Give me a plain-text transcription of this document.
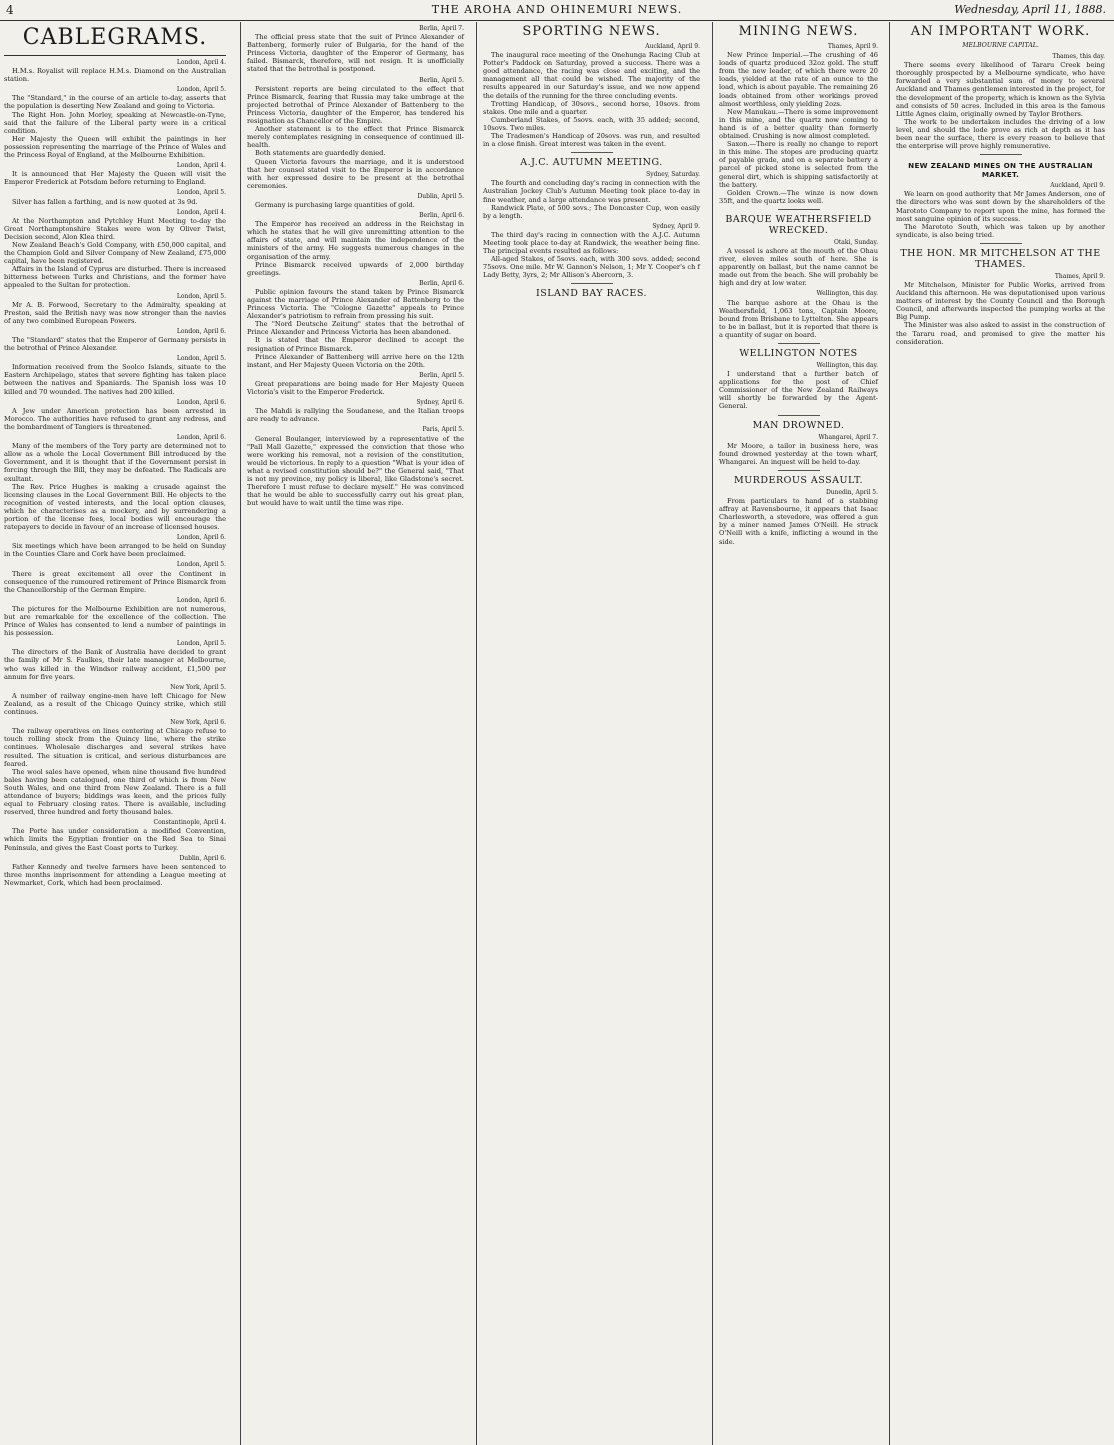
4	THE AROHA AND OHINEMURI NEWS.	Wednesday, April 11, 1888.
CABLEGRAMS.
London, April 4.

H.M.s. Royalist will replace H.M.s. Diamond on the Australian station.

London, April 5.

The "Standard," in the course of an article to-day, asserts that the population is deserting New Zealand and going to Victoria.

The Right Hon. John Morley, speaking at Newcastle-on-Tyne, said that the failure of the Liberal party were in a critical condition.

Her Majesty the Queen will exhibit the paintings in her possession representing the marriage of the Prince of Wales and the Princess Royal of England, at the Melbourne Exhibition.

London, April 4.

It is announced that Her Majesty the Queen will visit the Emperor Frederick at Potsdam before returning to England.

London, April 5.

Silver has fallen a farthing, and is now quoted at 3s 9d.

London, April 4.

At the Northampton and Pytchley Hunt Meeting to-day the Great Northamptonshire Stakes were won by Oliver Twist, Decision second, Alon Klea third.

New Zealand Beach's Gold Company, with £50,000 capital, and the Champion Gold and Silver Company of New Zealand, £75,000 capital, have been registered.

Affairs in the Island of Cyprus are disturbed. There is increased bitterness between Turks and Christians, and the former have appealed to the Sultan for protection.

London, April 5.

Mr A. B. Forwood, Secretary to the Admiralty, speaking at Preston, said the British navy was now stronger than the navies of any two combined European Powers.

London, April 6.

The "Standard" states that the Emperor of Germany persists in the betrothal of Prince Alexander.

London, April 5.

Information received from the Soolco Islands, situate to the Eastern Archipelago, states that severe fighting has taken place between the natives and Spaniards. The Spanish loss was 10 killed and 70 wounded. The natives had 200 killed.

London, April 6.

A Jew under American protection has been arrested in Morocco. The authorities have refused to grant any redress, and the bombardment of Tangiers is threatened.

London, April 6.

Many of the members of the Tory party are determined not to allow as a whole the Local Government Bill introduced by the Government, and it is thought that if the Government persist in forcing through the Bill, they may be defeated. The Radicals are exultant.

The Rev. Price Hughes is making a crusade against the licensing clauses in the Local Government Bill. He objects to the recognition of vested interests, and the local option clauses, which he characterises as a mockery, and by surrendering a portion of the license fees, local bodies will encourage the ratepayers to decide in favour of an increase of licensed houses.

London, April 6.

Six meetings which have been arranged to be held on Sunday in the Counties Clare and Cork have been proclaimed.

London, April 5.

There is great excitement all over the Continent in consequence of the rumoured retirement of Prince Bismarck from the Chancellorship of the German Empire.

London, April 6.

The pictures for the Melbourne Exhibition are not numerous, but are remarkable for the excellence of the collection. The Prince of Wales has consented to lend a number of paintings in his possession.

London, April 5.

The directors of the Bank of Australia have decided to grant the family of Mr S. Faulkes, their late manager at Melbourne, who was killed in the Windsor railway accident, £1,500 per annum for five years.

New York, April 5.

A number of railway engine-men have left Chicago for New Zealand, as a result of the Chicago Quincy strike, which still continues.

New York, April 6.

The railway operatives on lines centering at Chicago refuse to touch rolling stock from the Quincy line, where the strike continues. Wholesale discharges and several strikes have resulted. The situation is critical, and serious disturbances are feared.

The wool sales have opened, when nine thousand five hundred bales having been catalogued, one third of which is from New South Wales, and one third from New Zealand. There is a full attendance of buyers; biddings was keen, and the prices fully equal to February closing rates. There is available, including reserved, three hundred and forty thousand bales.

Constantinople, April 4.

The Porte has under consideration a modified Convention, which limits the Egyptian frontier on the Red Sea to Sinai Peninsula, and gives the East Coast ports to Turkey.

Dublin, April 6.

Father Kennedy and twelve farmers have been sentenced to three months imprisonment for attending a League meeting at Newmarket, Cork, which had been proclaimed.

Berlin, April 7.

The official press state that the suit of Prince Alexander of Battenberg, formerly ruler of Bulgaria, for the hand of the Princess Victoria, daughter of the Emperor of Germany, has failed. Bismarck, therefore, will not resign. It is unofficially stated that the betrothal is postponed.

Berlin, April 5.

Persistent reports are being circulated to the effect that Prince Bismarck, fearing that Russia may take umbrage at the projected betrothal of Prince Alexander of Battenberg to the Princess Victoria, daughter of the Emperor, has tendered his resignation as Chancellor of the Empire.

Another statement is to the effect that Prince Bismarck merely contemplates resigning in consequence of continued ill-health.

Both statements are guardedly denied.

Queen Victoria favours the marriage, and it is understood that her counsel stated visit to the Emperor is in accordance with her expressed desire to be present at the betrothal ceremonies.

Dublin, April 5.

Germany is purchasing large quantities of gold.

Berlin, April 6.

The Emperor has received an address in the Reichstag in which he states that he will give unremitting attention to the affairs of state, and will maintain the independence of the ministers of the army. He suggests numerous changes in the organisation of the army.

Prince Bismarck received upwards of 2,000 birthday greetings.

Berlin, April 6.

Public opinion favours the stand taken by Prince Bismarck against the marriage of Prince Alexander of Battenberg to the Princess Victoria. The "Cologne Gazette" appeals to Prince Alexander's patriotism to refrain from pressing his suit.

The "Nord Deutsche Zeitung" states that the betrothal of Prince Alexander and Princess Victoria has been abandoned.

It is stated that the Emperor declined to accept the resignation of Prince Bismarck.

Prince Alexander of Battenberg will arrive here on the 12th instant, and Her Majesty Queen Victoria on the 20th.

Berlin, April 5.

Great preparations are being made for Her Majesty Queen Victoria's visit to the Emperor Frederick.

Sydney, April 6.

The Mahdi is rallying the Soudanese, and the Italian troops are ready to advance.

Paris, April 5.

General Boulanger, interviewed by a representative of the "Pall Mall Gazette," expressed the conviction that those who were working his removal, not a revision of the constitution, would be victorious. In reply to a question "What is your idea of what a revised constitution should be?" the General said, "That is not my province, my policy is liberal, like Gladstone's secret. Therefore I must refuse to declare myself." He was convinced that he would be able to successfully carry out his great plan, but would have to wait until the time was ripe.

SPORTING NEWS.
Auckland, April 9.

The inaugural race meeting of the Onehunga Racing Club at Potter's Paddock on Saturday, proved a success. There was a good attendance, the racing was close and exciting, and the management all that could be wished. The majority of the results appeared in our Saturday's issue, and we now append the details of the running for the three concluding events.

Trotting Handicap, of 30sovs., second horse, 10sovs. from stakes. One mile and a quarter.

Cumberland Stakes, of 5sovs. each, with 35 added; second, 10sovs. Two miles.

The Tradesmen's Handicap of 20sovs. was run, and resulted in a close finish. Great interest was taken in the event.

A.J.C. AUTUMN MEETING.
Sydney, Saturday.

The fourth and concluding day's racing in connection with the Australian Jockey Club's Autumn Meeting took place to-day in fine weather, and a large attendance was present.

Randwick Plate, of 500 sovs.; The Doncaster Cup, won easily by a length.

Sydney, April 9.

The third day's racing in connection with the A.J.C. Autumn Meeting took place to-day at Randwick, the weather being fine. The principal events resulted as follows:

All-aged Stakes, of 5sovs. each, with 300 sovs. added; second 75sovs. One mile. Mr W. Gannon's Nelson, 1; Mr Y. Cooper's ch f Lady Betty, 3yrs, 2; Mr Allison's Abercorn, 3.

ISLAND BAY RACES.
MINING NEWS.
Thames, April 9.

New Prince Imperial.—The crushing of 46 loads of quartz produced 32oz gold. The stuff from the new leader, of which there were 20 loads, yielded at the rate of an ounce to the load, which is about payable. The remaining 26 loads obtained from other workings proved almost worthless, only yielding 2ozs.

New Manukau.—There is some improvement in this mine, and the quartz now coming to hand is of a better quality than formerly obtained. Crushing is now almost completed.

Saxon.—There is really no change to report in this mine. The stopes are producing quartz of payable grade, and on a separate battery a parcel of picked stone is selected from the general dirt, which is shipping satisfactorily at the battery.

Golden Crown.—The winze is now down 35ft, and the quartz looks well.

BARQUE WEATHERSFIELD WRECKED.
Otaki, Sunday.

A vessel is ashore at the mouth of the Ohau river, eleven miles south of here. She is apparently on ballast, but the name cannot be made out from the beach. She will probably be high and dry at low water.

Wellington, this day.

The barque ashore at the Ohau is the Weathersfield, 1,063 tons, Captain Moore, bound from Brisbane to Lyttelton. She appears to be in ballast, but it is reported that there is a quantity of sugar on board.

WELLINGTON NOTES
Wellington, this day.

I understand that a further batch of applications for the post of Chief Commissioner of the New Zealand Railways will shortly be forwarded by the Agent-General.

MAN DROWNED.
Whangarei, April 7.

Mr Moore, a tailor in business here, was found drowned yesterday at the town wharf, Whangarei. An inquest will be held to-day.

MURDEROUS ASSAULT.
Dunedin, April 5.

From particulars to hand of a stabbing affray at Ravensbourne, it appears that Isaac Charlesworth, a stevedore, was offered a gun by a miner named James O'Neill. He struck O'Neill with a knife, inflicting a wound in the side.

AN IMPORTANT WORK.
MELBOURNE CAPITAL.
Thames, this day.

There seems every likelihood of Tararu Creek being thoroughly prospected by a Melbourne syndicate, who have forwarded a very substantial sum of money to several Auckland and Thames gentlemen interested in the project, for the development of the property, which is known as the Sylvia and consists of 50 acres. Included in this area is the famous Little Agnes claim, originally owned by Taylor Brothers.

The work to be undertaken includes the driving of a low level, and should the lode prove as rich at depth as it has been near the surface, there is every reason to believe that the enterprise will prove highly remunerative.

NEW ZEALAND MINES ON THE AUSTRALIAN MARKET.
Auckland, April 9.

We learn on good authority that Mr James Anderson, one of the directors who was sent down by the shareholders of the Marototo Company to report upon the mine, has formed the most sanguine opinion of its success.

The Marototo South, which was taken up by another syndicate, is also being tried.

THE HON. MR MITCHELSON AT THE THAMES.
Thames, April 9.

Mr Mitchelson, Minister for Public Works, arrived from Auckland this afternoon. He was deputationised upon various matters of interest by the County Council and the Borough Council, and afterwards inspected the pumping works at the Big Pump.

The Minister was also asked to assist in the construction of the Tararu road, and promised to give the matter his consideration.
